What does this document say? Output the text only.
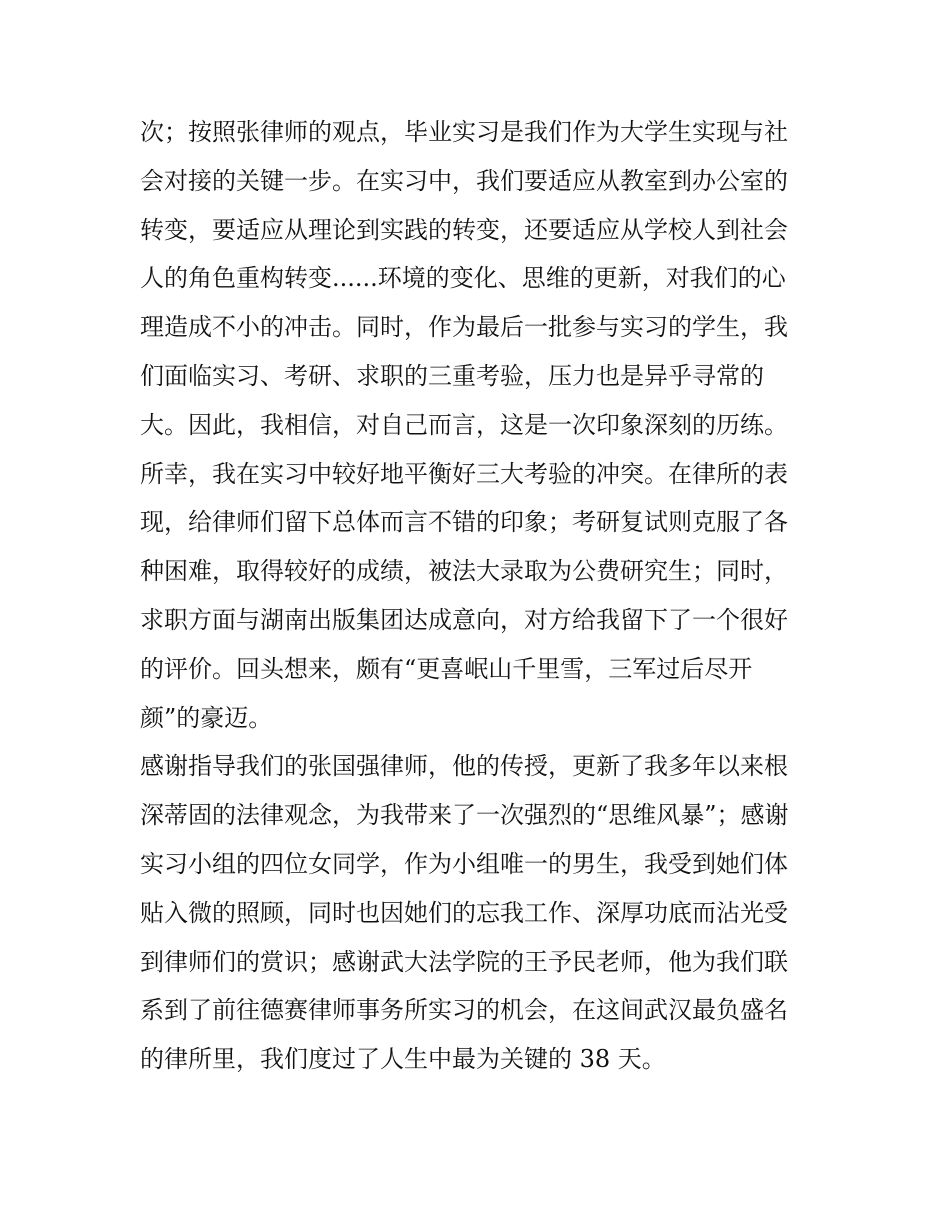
次；按照张律师的观点，毕业实习是我们作为大学生实现与社
会对接的关键一步。在实习中，我们要适应从教室到办公室的
转变，要适应从理论到实践的转变，还要适应从学校人到社会
人的角色重构转变......环境的变化、思维的更新，对我们的心
理造成不小的冲击。同时，作为最后一批参与实习的学生，我
们面临实习、考研、求职的三重考验，压力也是异乎寻常的
大。因此，我相信，对自己而言，这是一次印象深刻的历练。
所幸，我在实习中较好地平衡好三大考验的冲突。在律所的表
现，给律师们留下总体而言不错的印象；考研复试则克服了各
种困难，取得较好的成绩，被法大录取为公费研究生；同时，
求职方面与湖南出版集团达成意向，对方给我留下了一个很好
的评价。回头想来，颇有“更喜岷山千里雪，三军过后尽开
颜”的豪迈。
感谢指导我们的张国强律师，他的传授，更新了我多年以来根
深蒂固的法律观念，为我带来了一次强烈的“思维风暴”；感谢
实习小组的四位女同学，作为小组唯一的男生，我受到她们体
贴入微的照顾，同时也因她们的忘我工作、深厚功底而沾光受
到律师们的赏识；感谢武大法学院的王予民老师，他为我们联
系到了前往德赛律师事务所实习的机会，在这间武汉最负盛名
的律所里，我们度过了人生中最为关键的 38 天。
